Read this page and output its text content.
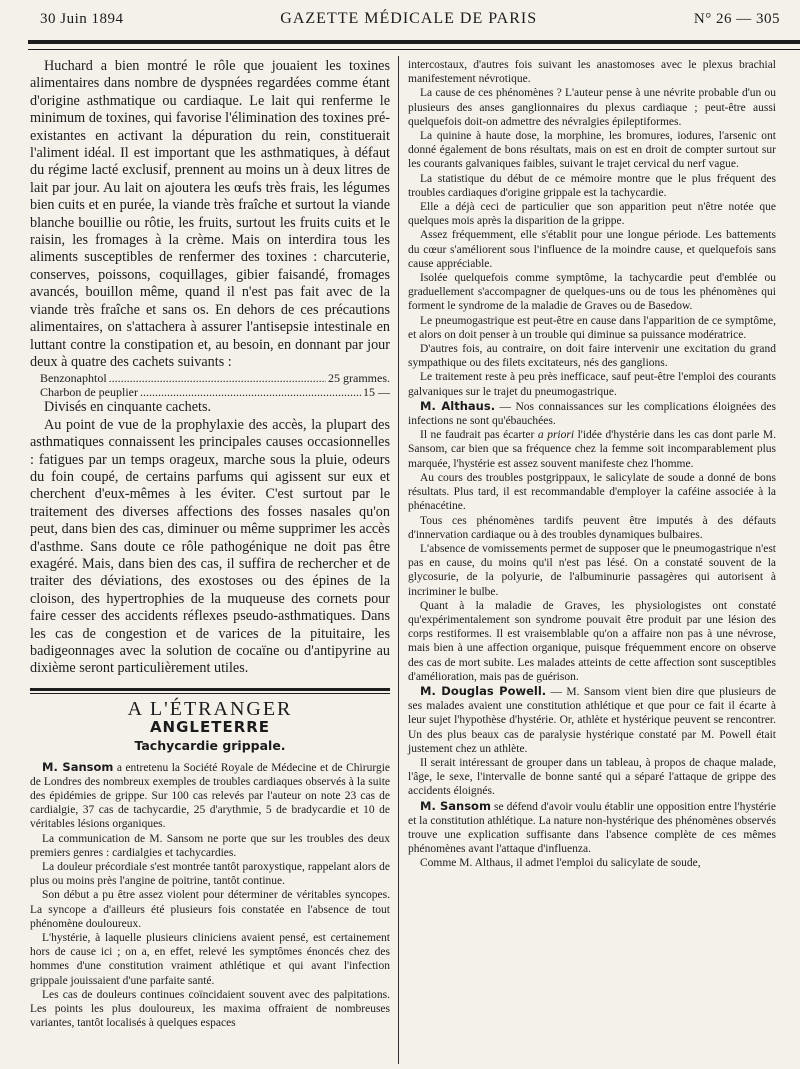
30 Juin 1894	GAZETTE MÉDICALE DE PARIS	N° 26 — 305

Huchard a bien montré le rôle que jouaient les toxines alimentaires dans nombre de dyspnées regardées comme étant d'origine asthmatique ou cardiaque. Le lait qui renferme le minimum de toxines, qui favorise l'élimination des toxines pré-existantes en activant la dépuration du rein, constituerait l'aliment idéal. Il est important que les asthmatiques, à défaut du régime lacté exclusif, prennent au moins un à deux litres de lait par jour. Au lait on ajoutera les œufs très frais, les légumes bien cuits et en purée, la viande très fraîche et surtout la viande blanche bouillie ou rôtie, les fruits, surtout les fruits cuits et le raisin, les fromages à la crème. Mais on interdira tous les aliments susceptibles de renfermer des toxines : charcuterie, conserves, poissons, coquillages, gibier faisandé, fromages avancés, bouillon même, quand il n'est pas fait avec de la viande très fraîche et sans os. En dehors de ces précautions alimentaires, on s'attachera à assurer l'antisepsie intestinale en luttant contre la constipation et, au besoin, en donnant par jour deux à quatre des cachets suivants :

Benzonaphtol .....	25 grammes.
Charbon de peuplier .....	15 —

Divisés en cinquante cachets.

Au point de vue de la prophylaxie des accès, la plupart des asthmatiques connaissent les principales causes occasionnelles : fatigues par un temps orageux, marche sous la pluie, odeurs du foin coupé, de certains parfums qui agissent sur eux et cherchent d'eux-mêmes à les éviter. C'est surtout par le traitement des diverses affections des fosses nasales qu'on peut, dans bien des cas, diminuer ou même supprimer les accès d'asthme. Sans doute ce rôle pathogénique ne doit pas être exagéré. Mais, dans bien des cas, il suffira de rechercher et de traiter des déviations, des exostoses ou des épines de la cloison, des hypertrophies de la muqueuse des cornets pour faire cesser des accidents réflexes pseudo-asthmatiques. Dans les cas de congestion et de varices de la pituitaire, les badigeonnages avec la solution de cocaïne ou d'antipyrine au dixième seront particulièrement utiles.

A L'ÉTRANGER
ANGLETERRE
Tachycardie grippale.

M. Sansom a entretenu la Société Royale de Médecine et de Chirurgie de Londres des nombreux exemples de troubles cardiaques observés à la suite des épidémies de grippe. Sur 100 cas relevés par l'auteur on note 23 cas de cardialgie, 37 cas de tachycardie, 25 d'arythmie, 5 de bradycardie et 10 de véritables lésions organiques.

La communication de M. Sansom ne porte que sur les troubles des deux premiers genres : cardialgies et tachycardies.

La douleur précordiale s'est montrée tantôt paroxystique, rappelant alors de plus ou moins près l'angine de poitrine, tantôt continue.

Son début a pu être assez violent pour déterminer de véritables syncopes. La syncope a d'ailleurs été plusieurs fois constatée en l'absence de tout phénomène douloureux.

L'hystérie, à laquelle plusieurs cliniciens avaient pensé, est certainement hors de cause ici ; on a, en effet, relevé les symptômes énoncés chez des hommes d'une constitution vraiment athlétique et qui avant l'infection grippale jouissaient d'une parfaite santé.

Les cas de douleurs continues coïncidaient souvent avec des palpitations. Les points les plus douloureux, les maxima offraient de nombreuses variantes, tantôt localisés à quelques espaces

intercostaux, d'autres fois suivant les anastomoses avec le plexus brachial manifestement névrotique.

La cause de ces phénomènes ? L'auteur pense à une névrite probable d'un ou plusieurs des anses ganglionnaires du plexus cardiaque ; peut-être aussi quelquefois doit-on admettre des névralgies épileptiformes.

La quinine à haute dose, la morphine, les bromures, iodures, l'arsenic ont donné également de bons résultats, mais on est en droit de compter surtout sur les courants galvaniques faibles, suivant le trajet cervical du nerf vague.

La statistique du début de ce mémoire montre que le plus fréquent des troubles cardiaques d'origine grippale est la tachycardie.

Elle a déjà ceci de particulier que son apparition peut n'être notée que quelques mois après la disparition de la grippe.

Assez fréquemment, elle s'établit pour une longue période. Les battements du cœur s'améliorent sous l'influence de la moindre cause, et quelquefois sans cause appréciable.

Isolée quelquefois comme symptôme, la tachycardie peut d'emblée ou graduellement s'accompagner de quelques-uns ou de tous les phénomènes qui forment le syndrome de la maladie de Graves ou de Basedow.

Le pneumogastrique est peut-être en cause dans l'apparition de ce symptôme, et alors on doit penser à un trouble qui diminue sa puissance modératrice.

D'autres fois, au contraire, on doit faire intervenir une excitation du grand sympathique ou des filets excitateurs, nés des ganglions.

Le traitement reste à peu près inefficace, sauf peut-être l'emploi des courants galvaniques sur le trajet du pneumogastrique.

M. Althaus. — Nos connaissances sur les complications éloignées des infections ne sont qu'ébauchées.

Il ne faudrait pas écarter a priori l'idée d'hystérie dans les cas dont parle M. Sansom, car bien que sa fréquence chez la femme soit incomparablement plus marquée, l'hystérie est assez souvent manifeste chez l'homme.

Au cours des troubles postgrippaux, le salicylate de soude a donné de bons résultats. Plus tard, il est recommandable d'employer la caféine associée à la phénacétine.

Tous ces phénomènes tardifs peuvent être imputés à des défauts d'innervation cardiaque ou à des troubles dynamiques bulbaires.

L'absence de vomissements permet de supposer que le pneumogastrique n'est pas en cause, du moins qu'il n'est pas lésé. On a constaté souvent de la glycosurie, de la polyurie, de l'albuminurie passagères qui autorisent à incriminer le bulbe.

Quant à la maladie de Graves, les physiologistes ont constaté qu'expérimentalement son syndrome pouvait être produit par une lésion des corps restiformes. Il est vraisemblable qu'on a affaire non pas à une névrose, mais bien à une affection organique, puisque fréquemment encore on observe des cas de mort subite. Les malades atteints de cette affection sont susceptibles d'amélioration, mais pas de guérison.

M. Douglas Powell. — M. Sansom vient bien dire que plusieurs de ses malades avaient une constitution athlétique et que pour ce fait il écarte à leur sujet l'hypothèse d'hystérie. Or, athlète et hystérique peuvent se rencontrer. Un des plus beaux cas de paralysie hystérique constaté par M. Powell était justement chez un athlète.

Il serait intéressant de grouper dans un tableau, à propos de chaque malade, l'âge, le sexe, l'intervalle de bonne santé qui a séparé l'attaque de grippe des accidents éloignés.

M. Sansom se défend d'avoir voulu établir une opposition entre l'hystérie et la constitution athlétique. La nature non-hystérique des phénomènes observés trouve une explication suffisante dans l'absence complète de ces mêmes phénomènes avant l'attaque d'influenza.

Comme M. Althaus, il admet l'emploi du salicylate de soude,
